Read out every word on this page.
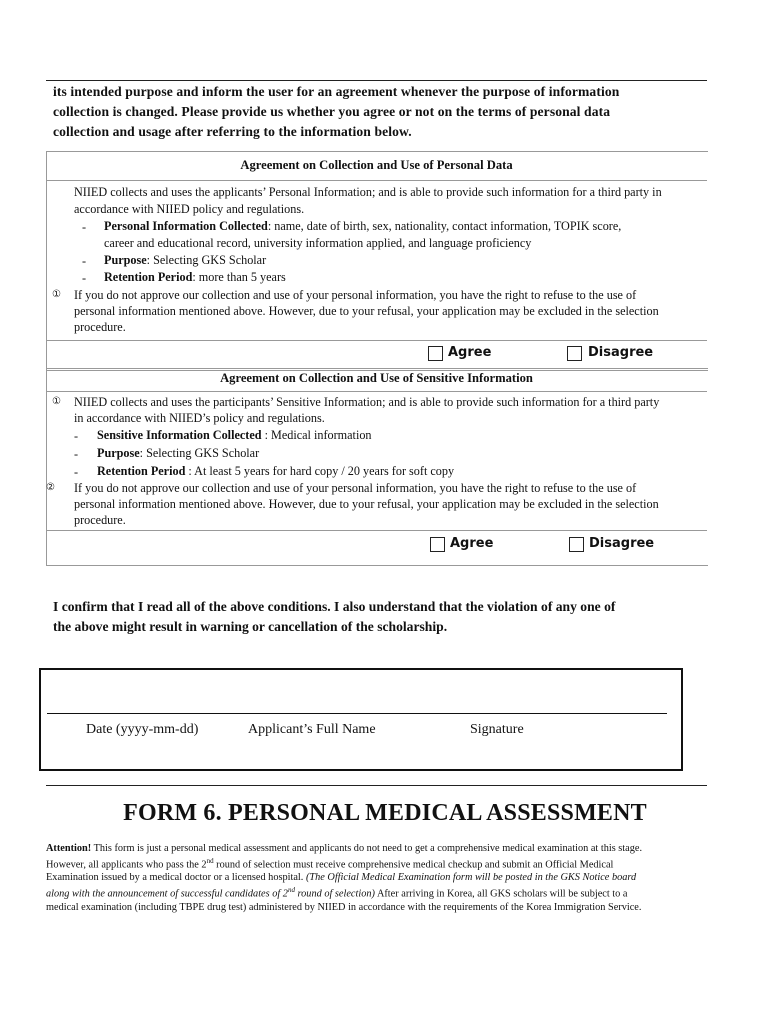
its intended purpose and inform the user for an agreement whenever the purpose of information
collection is changed. Please provide us whether you agree or not on the terms of personal data
collection and usage after referring to the information below.
Agreement on Collection and Use of Personal Data
NIIED collects and uses the applicants’ Personal Information; and is able to provide such information for a third party in
accordance with NIIED policy and regulations.
- Personal Information Collected: name, date of birth, sex, nationality, contact information, TOPIK score,
career and educational record, university information applied, and language proficiency
- Purpose: Selecting GKS Scholar
- Retention Period: more than 5 years
① If you do not approve our collection and use of your personal information, you have the right to refuse to the use of
personal information mentioned above. However, due to your refusal, your application may be excluded in the selection
procedure.
Agree	Disagree
Agreement on Collection and Use of Sensitive Information
① NIIED collects and uses the participants’ Sensitive Information; and is able to provide such information for a third party
in accordance with NIIED’s policy and regulations.
- Sensitive Information Collected : Medical information
- Purpose: Selecting GKS Scholar
- Retention Period : At least 5 years for hard copy / 20 years for soft copy
② If you do not approve our collection and use of your personal information, you have the right to refuse to the use of
personal information mentioned above. However, due to your refusal, your application may be excluded in the selection
procedure.
Agree	Disagree
I confirm that I read all of the above conditions. I also understand that the violation of any one of
the above might result in warning or cancellation of the scholarship.
Date (yyyy-mm-dd)	Applicant’s Full Name	Signature
FORM 6. PERSONAL MEDICAL ASSESSMENT
Attention! This form is just a personal medical assessment and applicants do not need to get a comprehensive medical examination at this stage.
However, all applicants who pass the 2nd round of selection must receive comprehensive medical checkup and submit an Official Medical
Examination issued by a medical doctor or a licensed hospital. (The Official Medical Examination form will be posted in the GKS Notice board
along with the announcement of successful candidates of 2nd round of selection) After arriving in Korea, all GKS scholars will be subject to a
medical examination (including TBPE drug test) administered by NIIED in accordance with the requirements of the Korea Immigration Service.
